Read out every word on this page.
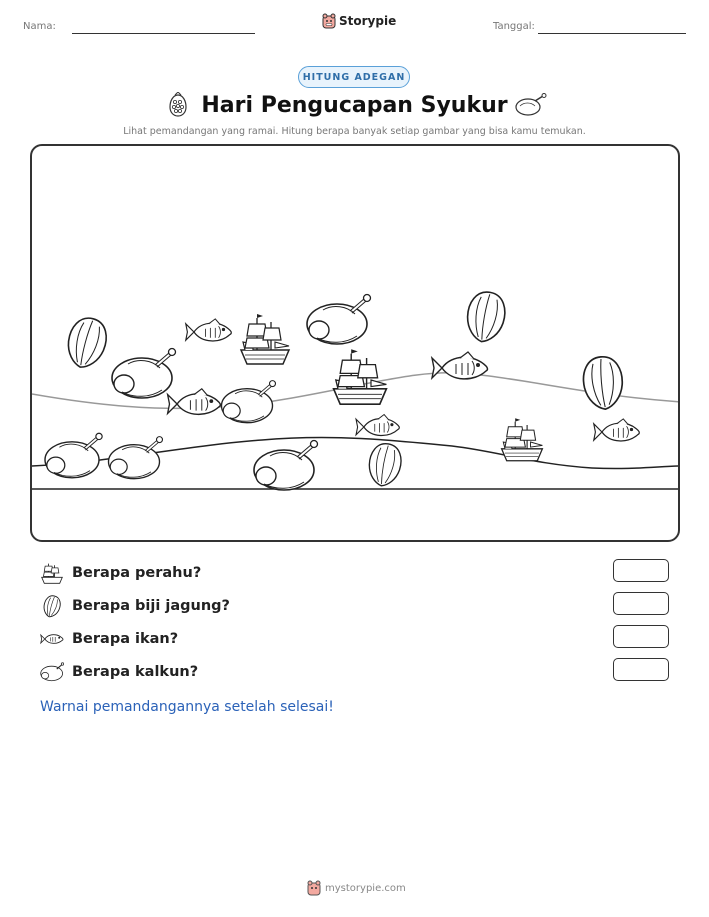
Nama:	Storypie	Tanggal:
HITUNG ADEGAN
Hari Pengucapan Syukur
Lihat pemandangan yang ramai. Hitung berapa banyak setiap gambar yang bisa kamu temukan.
Berapa perahu?
Berapa biji jagung?
Berapa ikan?
Berapa kalkun?
Warnai pemandangannya setelah selesai!
mystorypie.com
